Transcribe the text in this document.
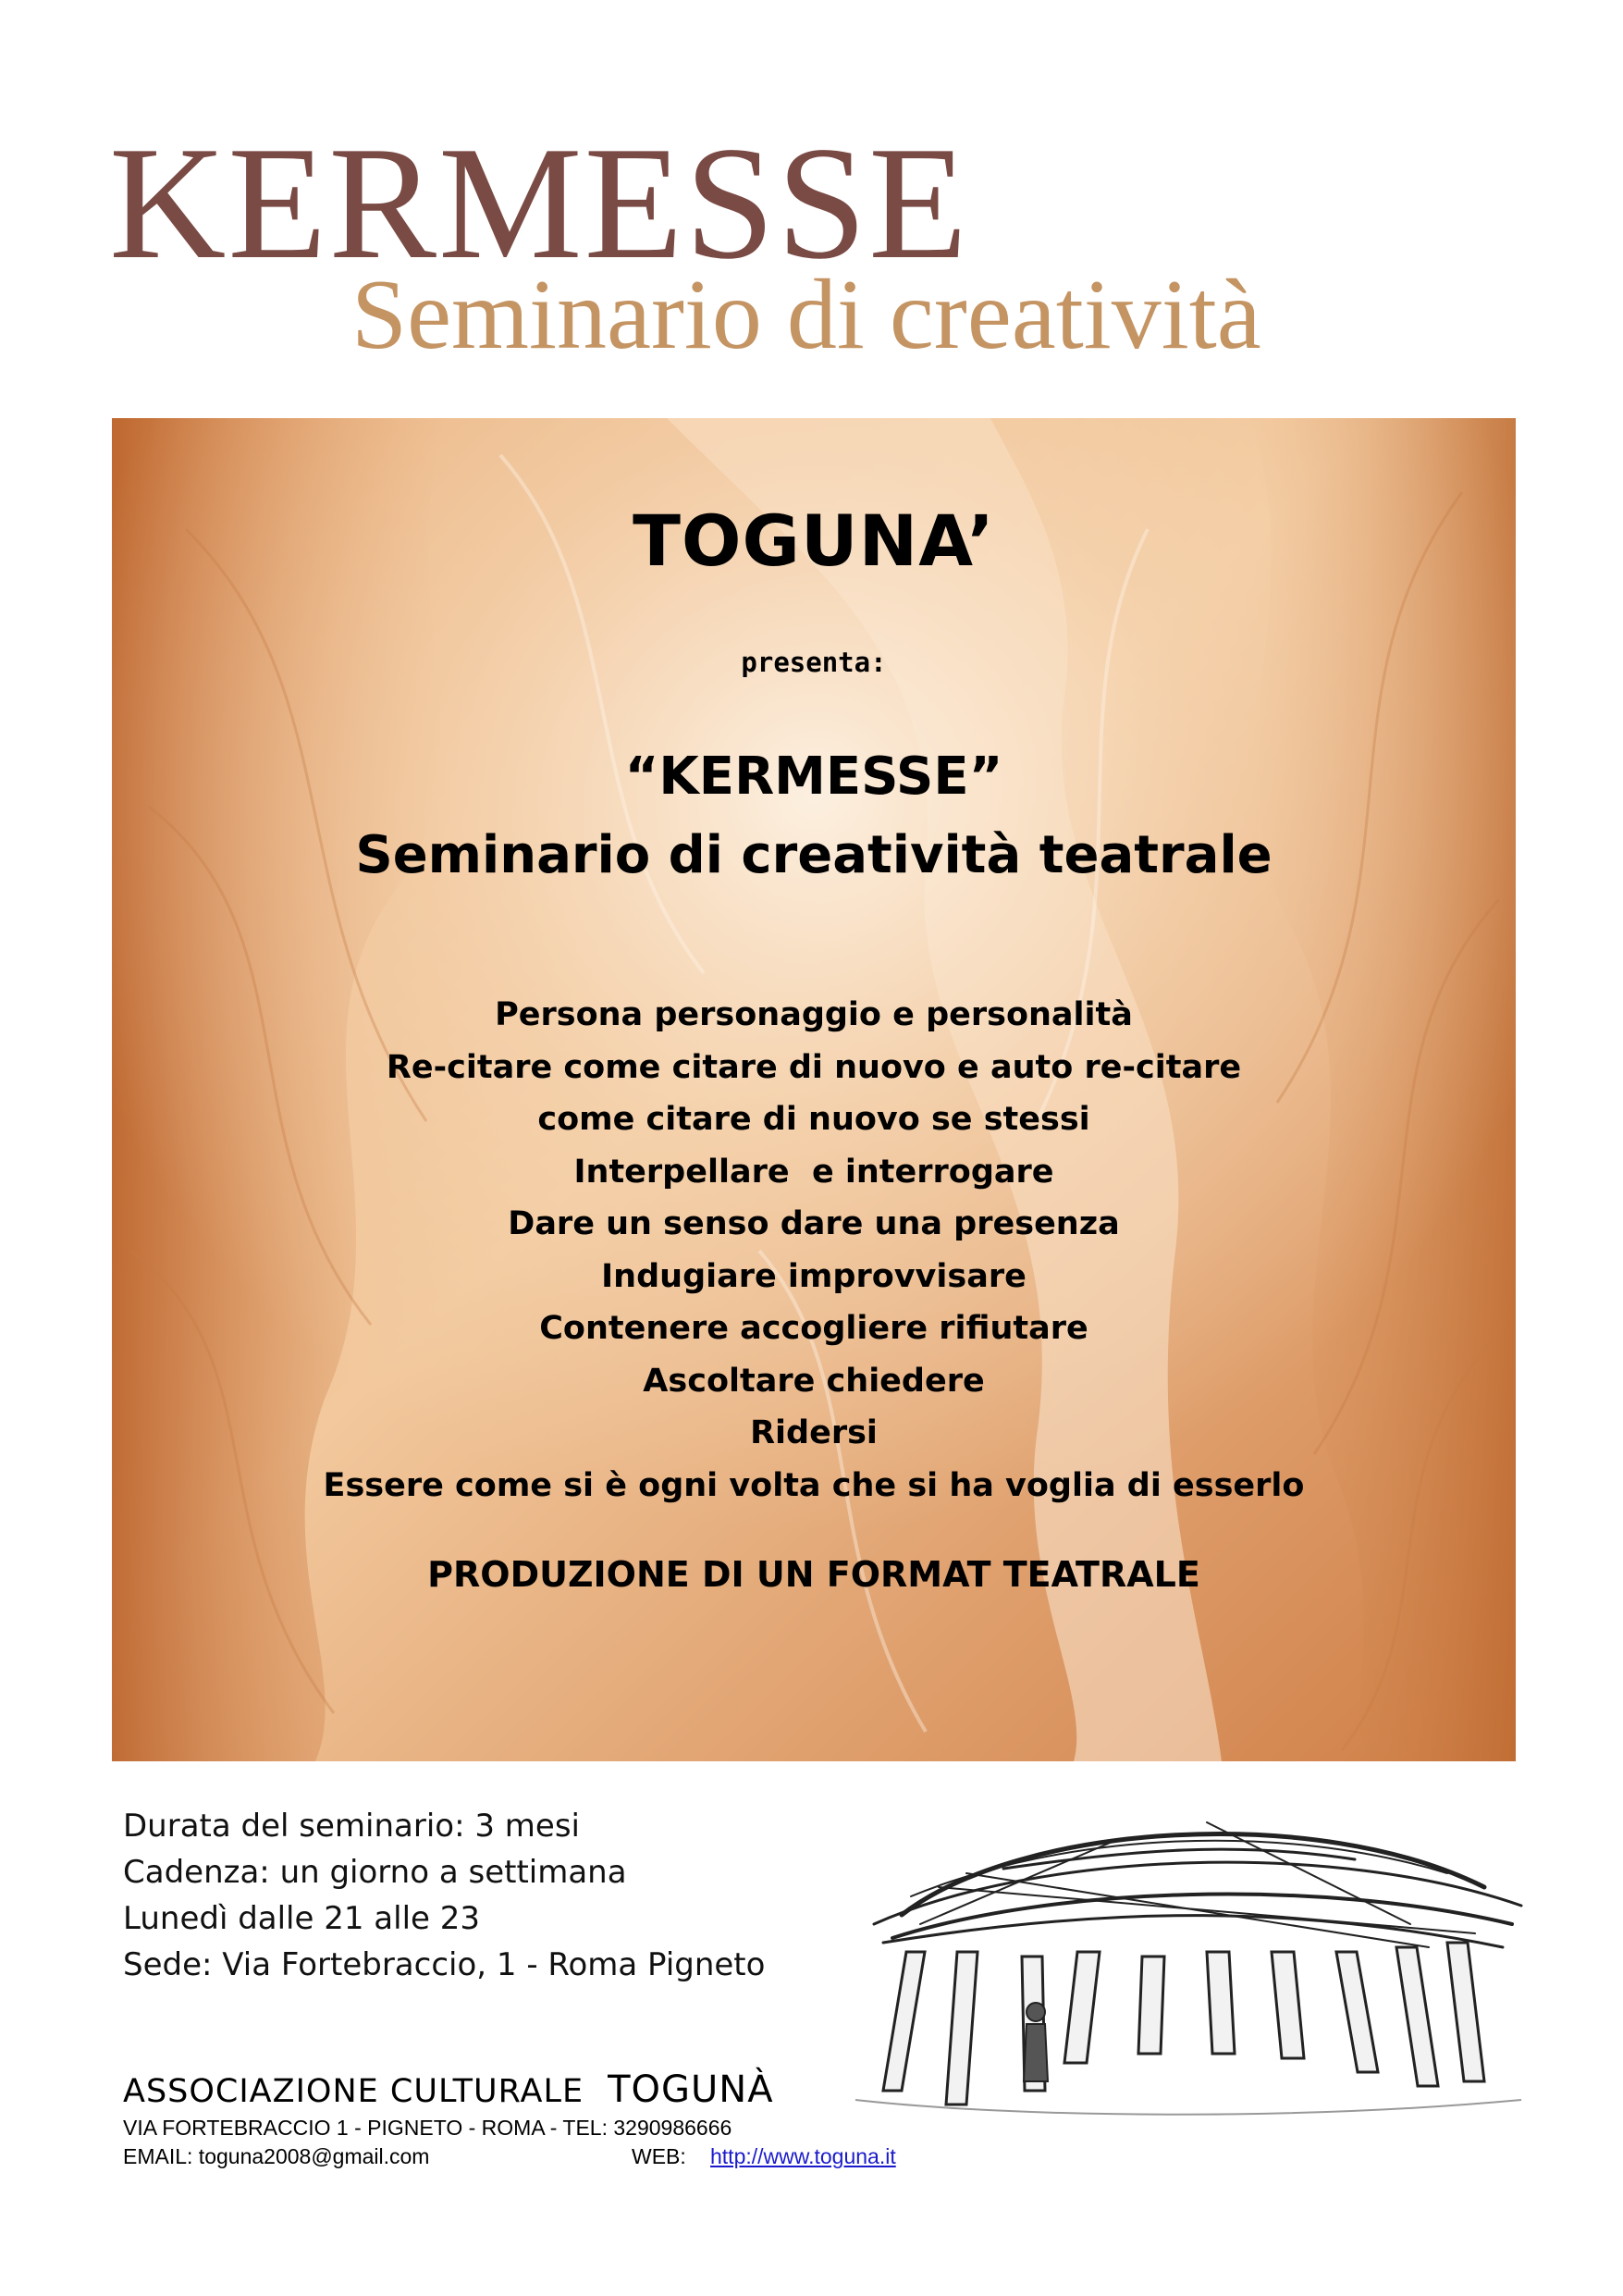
KERMESSE
Seminario di creatività
TOGUNA’
presenta:
“KERMESSE”
Seminario di creatività teatrale
Persona personaggio e personalità
Re-citare come citare di nuovo e auto re-citare
come citare di nuovo se stessi
Interpellare  e interrogare
Dare un senso dare una presenza
Indugiare improvvisare
Contenere accogliere rifiutare
Ascoltare chiedere
Ridersi
Essere come si è ogni volta che si ha voglia di esserlo
PRODUZIONE DI UN FORMAT TEATRALE

Durata del seminario: 3 mesi

Cadenza: un giorno a settimana

Lunedì dalle 21 alle 23

Sede: Via Fortebraccio, 1 - Roma Pigneto

ASSOCIAZIONE CULTURALE TOGUNÀ

VIA FORTEBRACCIO 1 - PIGNETO - ROMA - TEL: 3290986666

EMAIL: toguna2008@gmail.com	WEB: http://www.toguna.it
